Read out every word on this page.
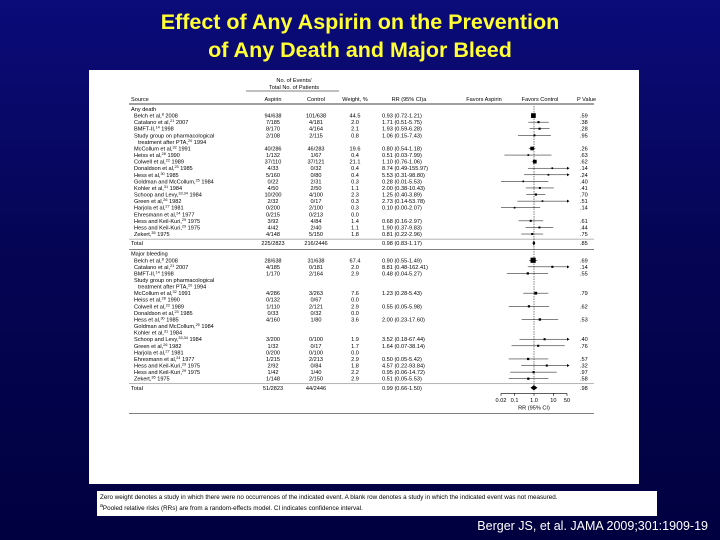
Effect of Any Aspirin on the Prevention
of Any Death and Major Bleed
No. of Events/
Total No. of Patients
Source	Aspirin	Control	Weight, %	RR (95% CI)a	Favors Aspirin	Favors Control	P Value
Any death
Belch et al,$^8$ 2008	94/638	101/638	44.5	0.93 (0.72-1.21)	.59
Catalano et al,$^{21}$ 2007	7/185	4/181	2.0	1.71 (0.51-5.75)	.38
BMFT-II,$^{14}$ 1998	8/170	4/164	2.1	1.93 (0.59-6.28)	.28
Study group on pharmacological	2/108	2/115	0.8	1.06 (0.15-7.43)	.95
treatment after PTA,$^{20}$ 1994
McCollum et al,$^{32}$ 1991	40/286	46/283	19.6	0.80 (0.54-1.18)	.26
Heiss et al,$^{28}$ 1990	1/132	1/67	0.4	0.51 (0.03-7.99)	.63
Colwell et al,$^{22}$ 1989	37/110	37/121	21.1	1.10 (0.76-1.06)	.62
Donaldson et al,$^{23}$ 1985	4/33	0/32	0.4	8.74 (0.49-155.97)	.14
Hess et al,$^{30}$ 1985	5/160	0/80	0.4	5.53 (0.31-98.80)	.24
Goldman and McCollum,$^{25}$ 1984	0/22	2/31	0.3	0.28 (0.01-5.53)	.40
Kohler et al,$^{31}$ 1984	4/50	2/50	1.1	2.00 (0.38-10.43)	.41
Schoop and Levy,$^{33,34}$ 1984	10/200	4/100	2.3	1.25 (0.40-3.89)	.70
Green et al,$^{26}$ 1982	2/32	0/17	0.3	2.73 (0.14-53.78)	.51
Harjola et al,$^{27}$ 1981	0/200	2/100	0.3	0.10 (0.00-2.07)	.14
Ehresmann et al,$^{24}$ 1977	0/215	0/213	0.0
Hess and Keil-Kuri,$^{29}$ 1975	3/92	4/84	1.4	0.68 (0.16-2.97)	.61
Hess and Keil-Kuri,$^{29}$ 1975	4/42	2/40	1.1	1.90 (0.37-9.83)	.44
Zekert,$^{35}$ 1975	4/148	5/150	1.8	0.81 (0.22-2.96)	.75
Total	225/2823	216/2446	0.98 (0.83-1.17)	.85
Major bleeding
Belch et al,$^8$ 2008	28/638	31/638	67.4	0.90 (0.55-1.49)	.69
Catalano et al,$^{21}$ 2007	4/185	0/181	2.0	8.81 (0.48-162.41)	.14
BMFT-II,$^{14}$ 1998	1/170	2/164	2.9	0.48 (0.04-5.27)	.55
Study group on pharmacological
treatment after PTA,$^{20}$ 1994
McCollum et al,$^{32}$ 1991	4/286	3/263	7.6	1.23 (0.28-5.43)	.79
Heiss et al,$^{28}$ 1990	0/132	0/67	0.0
Colwell et al,$^{22}$ 1989	1/110	2/121	2.9	0.55 (0.05-5.98)	.62
Donaldson et al,$^{23}$ 1985	0/33	0/32	0.0
Hess et al,$^{30}$ 1985	4/160	1/80	3.6	2.00 (0.23-17.60)	.53
Goldman and McCollum,$^{25}$ 1984
Kohler et al,$^{31}$ 1984
Schoop and Levy,$^{33,34}$ 1984	3/200	0/100	1.9	3.52 (0.18-67.44)	.40
Green et al,$^{26}$ 1982	1/32	0/17	1.7	1.64 (0.07-38.14)	.76
Harjola et al,$^{27}$ 1981	0/200	0/100	0.0
Ehresmann et al,$^{24}$ 1977	1/215	2/213	2.9	0.50 (0.05-5.42)	.57
Hess and Keil-Kuri,$^{29}$ 1975	2/92	0/84	1.8	4.57 (0.22-93.84)	.32
Hess and Keil-Kuri,$^{29}$ 1975	1/42	1/40	2.2	0.95 (0.06-14.72)	.97
Zekert,$^{35}$ 1975	1/148	2/150	2.9	0.51 (0.05-5.53)	.58
Total	51/2823	44/2446	0.99 (0.66-1.50)	.98
0.02 0.1 1.0 10 50
RR (95% CI)
Zero weight denotes a study in which there were no occurrences of the indicated event. A blank row denotes a study in which the indicated event was not measured.
$^a$Pooled relative risks (RRs) are from a random-effects model. CI indicates confidence interval.
Berger JS, et al. JAMA 2009;301:1909-19
